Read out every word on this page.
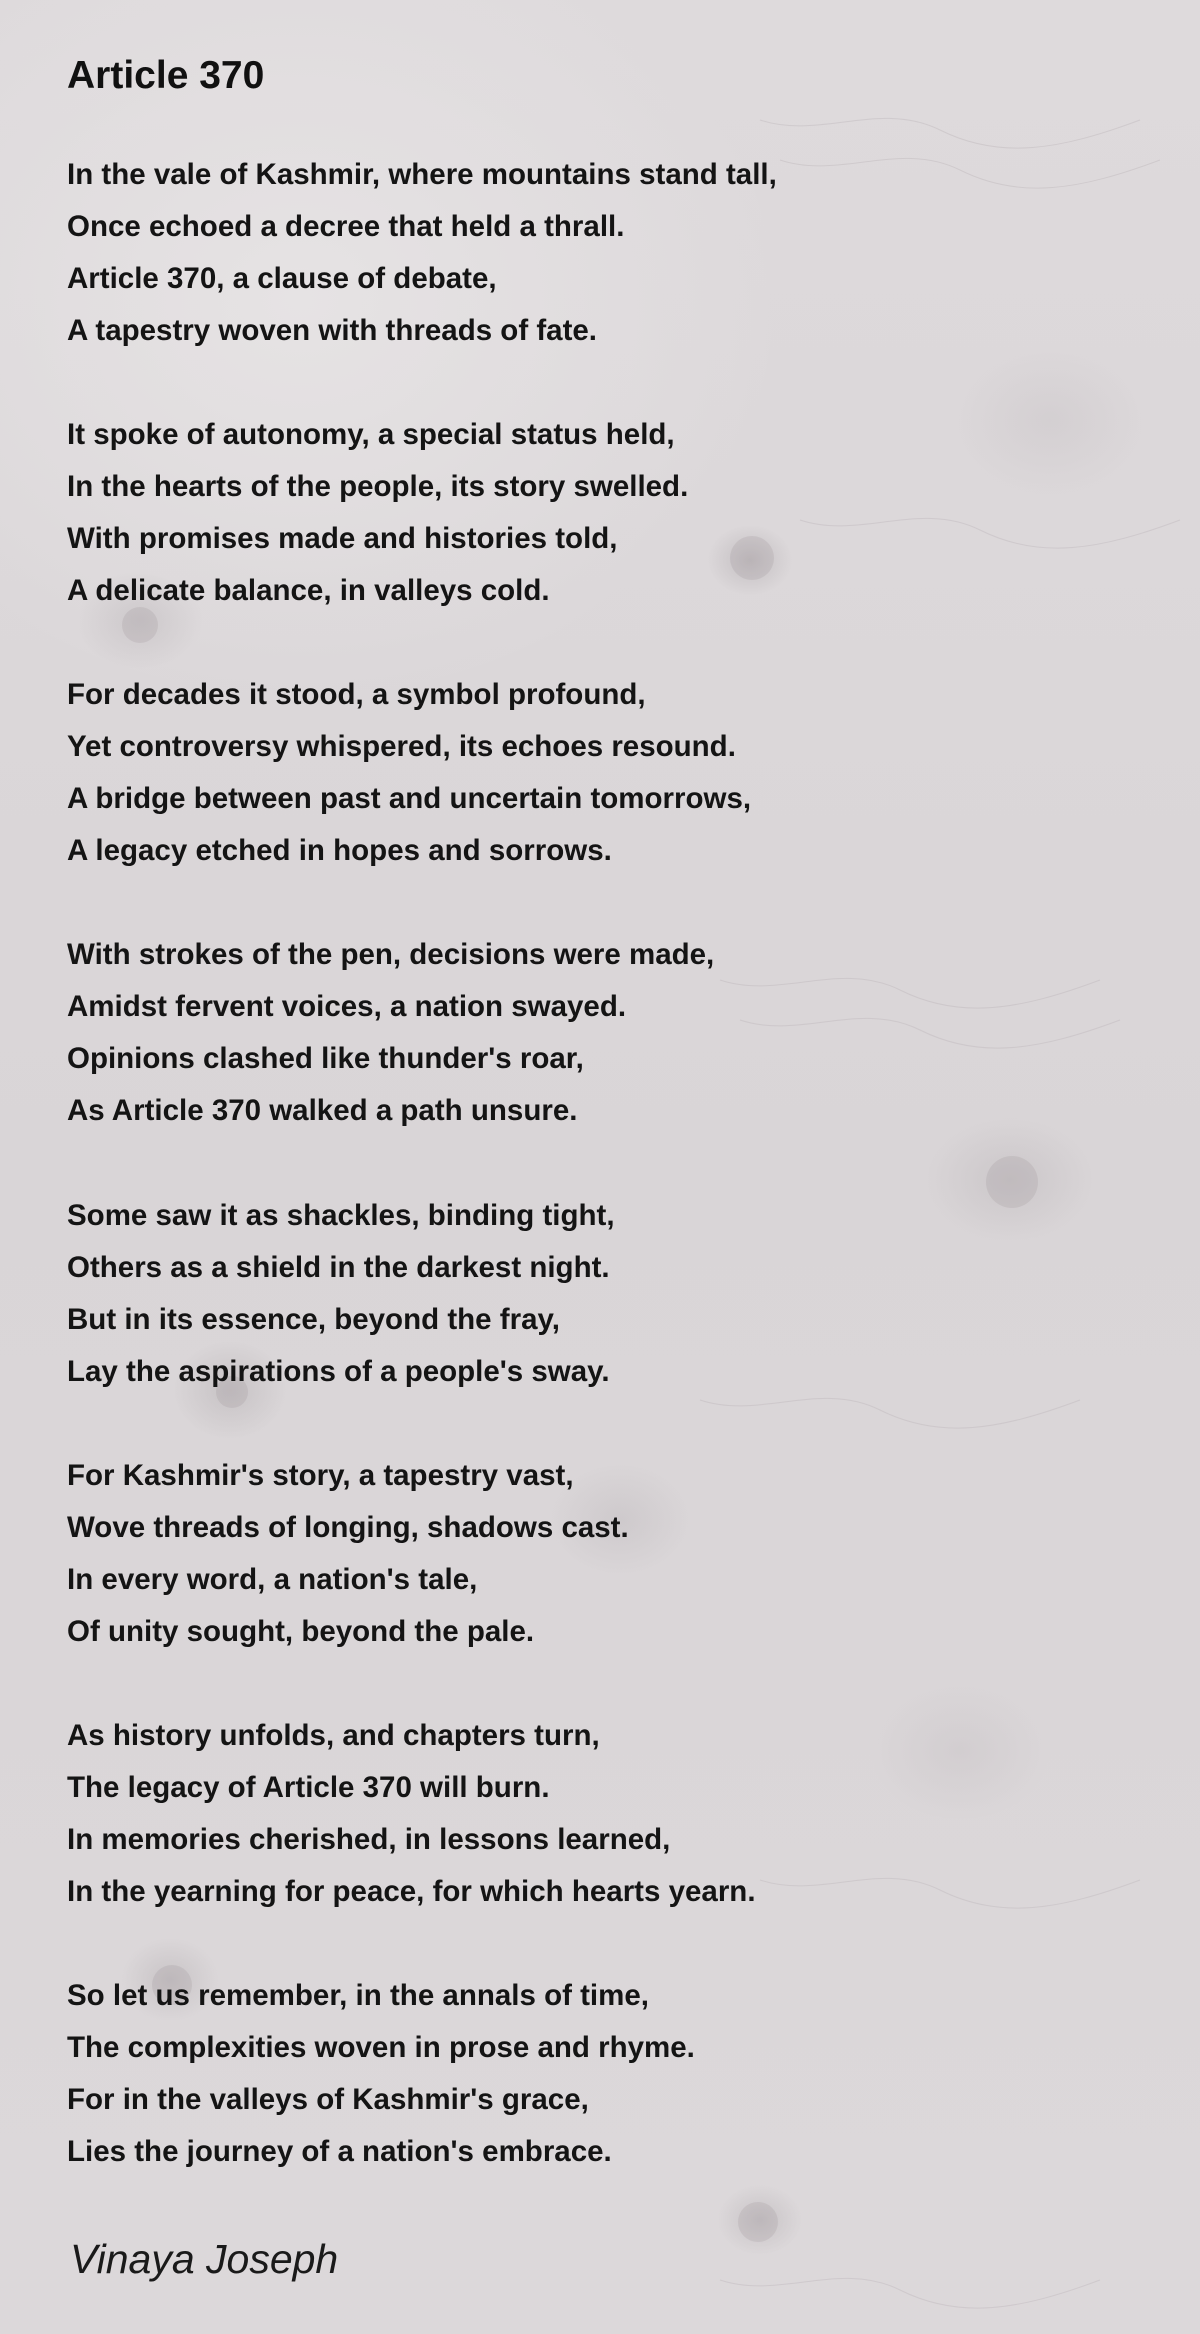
Article 370
In the vale of Kashmir, where mountains stand tall,
Once echoed a decree that held a thrall.
Article 370, a clause of debate,
A tapestry woven with threads of fate.
It spoke of autonomy, a special status held,
In the hearts of the people, its story swelled.
With promises made and histories told,
A delicate balance, in valleys cold.
For decades it stood, a symbol profound,
Yet controversy whispered, its echoes resound.
A bridge between past and uncertain tomorrows,
A legacy etched in hopes and sorrows.
With strokes of the pen, decisions were made,
Amidst fervent voices, a nation swayed.
Opinions clashed like thunder's roar,
As Article 370 walked a path unsure.
Some saw it as shackles, binding tight,
Others as a shield in the darkest night.
But in its essence, beyond the fray,
Lay the aspirations of a people's sway.
For Kashmir's story, a tapestry vast,
Wove threads of longing, shadows cast.
In every word, a nation's tale,
Of unity sought, beyond the pale.
As history unfolds, and chapters turn,
The legacy of Article 370 will burn.
In memories cherished, in lessons learned,
In the yearning for peace, for which hearts yearn.
So let us remember, in the annals of time,
The complexities woven in prose and rhyme.
For in the valleys of Kashmir's grace,
Lies the journey of a nation's embrace.
Vinaya Joseph
